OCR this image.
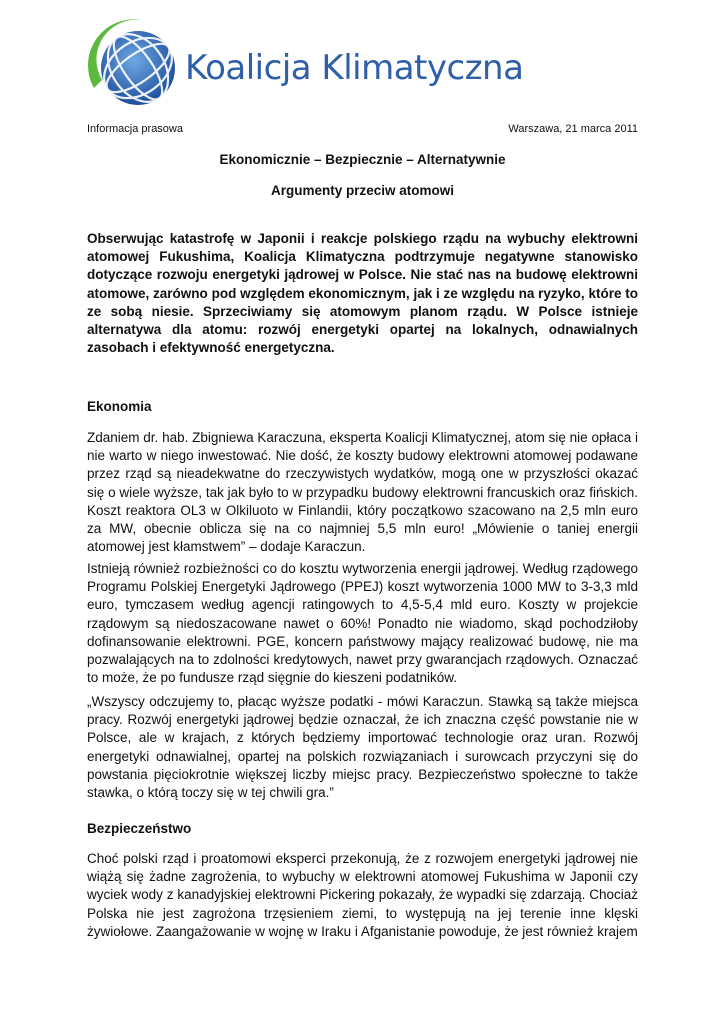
Koalicja Klimatyczna
Informacja prasowa	Warszawa, 21 marca 2011
Ekonomicznie – Bezpiecznie – Alternatywnie
Argumenty przeciw atomowi

Obserwując katastrofę w Japonii i reakcje polskiego rządu na wybuchy elektrowni atomowej Fukushima, Koalicja Klimatyczna podtrzymuje negatywne stanowisko dotyczące rozwoju energetyki jądrowej w Polsce. Nie stać nas na budowę elektrowni atomowe, zarówno pod względem ekonomicznym, jak i ze względu na ryzyko, które to ze sobą niesie. Sprzeciwiamy się atomowym planom rządu. W Polsce istnieje alternatywa dla atomu: rozwój energetyki opartej na lokalnych, odnawialnych zasobach i efektywność energetyczna.

Ekonomia

Zdaniem dr. hab. Zbigniewa Karaczuna, eksperta Koalicji Klimatycznej, atom się nie opłaca i nie warto w niego inwestować. Nie dość, że koszty budowy elektrowni atomowej podawane przez rząd są nieadekwatne do rzeczywistych wydatków, mogą one w przyszłości okazać się o wiele wyższe, tak jak było to w przypadku budowy elektrowni francuskich oraz fińskich. Koszt reaktora OL3 w Olkiluoto w Finlandii, który początkowo szacowano na 2,5 mln euro za MW, obecnie oblicza się na co najmniej 5,5 mln euro! „Mówienie o taniej energii atomowej jest kłamstwem” – dodaje Karaczun.

Istnieją również rozbieżności co do kosztu wytworzenia energii jądrowej. Według rządowego Programu Polskiej Energetyki Jądrowego (PPEJ) koszt wytworzenia 1000 MW to 3-3,3 mld euro, tymczasem według agencji ratingowych to 4,5-5,4 mld euro. Koszty w projekcie rządowym są niedoszacowane nawet o 60%! Ponadto nie wiadomo, skąd pochodziłoby dofinansowanie elektrowni. PGE, koncern państwowy mający realizować budowę, nie ma pozwalających na to zdolności kredytowych, nawet przy gwarancjach rządowych. Oznaczać to może, że po fundusze rząd sięgnie do kieszeni podatników.

„Wszyscy odczujemy to, płacąc wyższe podatki - mówi Karaczun. Stawką są także miejsca pracy. Rozwój energetyki jądrowej będzie oznaczał, że ich znaczna część powstanie nie w Polsce, ale w krajach, z których będziemy importować technologie oraz uran. Rozwój energetyki odnawialnej, opartej na polskich rozwiązaniach i surowcach przyczyni się do powstania pięciokrotnie większej liczby miejsc pracy. Bezpieczeństwo społeczne to także stawka, o którą toczy się w tej chwili gra.”

Bezpieczeństwo

Choć polski rząd i proatomowi eksperci przekonują, że z rozwojem energetyki jądrowej nie wiążą się żadne zagrożenia, to wybuchy w elektrowni atomowej Fukushima w Japonii czy wyciek wody z kanadyjskiej elektrowni Pickering pokazały, że wypadki się zdarzają. Chociaż Polska nie jest zagrożona trzęsieniem ziemi, to występują na jej terenie inne klęski żywiołowe. Zaangażowanie w wojnę w Iraku i Afganistanie powoduje, że jest również krajem
